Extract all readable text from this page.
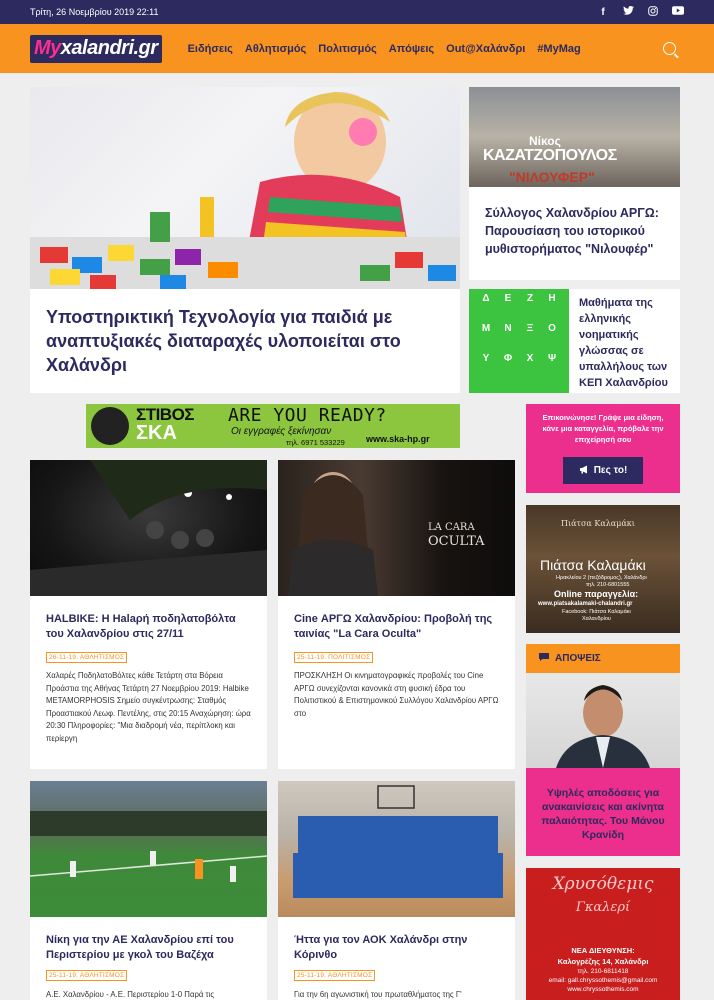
Τρίτη, 26 Νοεμβρίου 2019 22:11	f
My xalandri.gr	Ειδήσεις Αθλητισμός Πολιτισμός Απόψεις Out@Χαλάνδρι #MyMag
Υποστηρικτική Τεχνολογία για παιδιά με αναπτυξιακές διαταραχές υλοποιείται στο Χαλάνδρι
Νίκος
ΚΑΖΑΤΖΟΠΟΥΛΟΣ
"ΝΙΛΟΥΦΕΡ"
Σύλλογος Χαλανδρίου ΑΡΓΩ: Παρουσίαση του ιστορικού μυθιστορήματος "Νιλουφέρ"
Δ	Ε	Ζ	Η
Μ	Ν	Ξ	Ο
Υ	Φ	Χ	Ψ
Μαθήματα της ελληνικής νοηματικής γλώσσας σε υπαλλήλους των ΚΕΠ Χαλανδρίου
ΣΤΙΒΟΣ
ΣΚΑ
ARE YOU READY?
Οι εγγραφές ξεκίνησαν
τηλ. 6971 533229 www.ska-hp.gr
HALBIKE: Η Halaρή ποδηλατοβόλτα του Χαλανδρίου στις 27/11
26-11-19. ΑΘΛΗΤΙΣΜΟΣ
Χαλαρές ΠοδηλατοΒόλτες κάθε Τετάρτη στα Βόρεια Προάστια της Αθήνας Τετάρτη 27 Νοεμβρίου 2019: Halbike METAMORPHOSIS Σημείο συγκέντρωσης: Σταθμός Προαστιακού Λεωφ. Πεντέλης, στις 20:15 Αναχώρηση: ώρα 20:30 Πληροφορίες: "Μια διαδρομή νέα, περίπλοκη και περίεργη
LA CARA
OCULTA
Cine ΑΡΓΩ Χαλανδρίου: Προβολή της ταινίας "La Cara Oculta"
25-11-19. ΠΟΛΙΤΙΣΜΟΣ
ΠΡΟΣΚΛΗΣΗ Οι κινηματογραφικές προβολές του Cine ΑΡΓΩ συνεχίζονται κανονικά στη φυσική έδρα του Πολιτιστικού & Επιστημονικού Συλλόγου Χαλανδρίου ΑΡΓΩ στο
Νίκη για την ΑΕ Χαλανδρίου επί του Περιστερίου με γκολ του Βαζέχα
25-11-19. ΑΘΛΗΤΙΣΜΟΣ
Α.Ε. Χαλανδρίου - Α.Ε. Περιστερίου 1-0 Παρά τις
Ήττα για τον ΑΟΚ Χαλάνδρι στην Κόρινθο
25-11-19. ΑΘΛΗΤΙΣΜΟΣ
Για την 6η αγωνιστική του πρωταθλήματος της Γ'
Επικοινώνησε! Γράψε μια είδηση, κάνε μια καταγγελία, πρόβαλε την επιχείρησή σου
Πες το!
Πιάτσα Καλαμάκι
Πιάτσα Καλαμάκι
Ηρακλείου 2 (πεζόδρομος), Χαλάνδρι
τηλ. 210-6801555
Online παραγγελία:
www.piatsakalamaki-chalandri.gr
Facebook: Πιάτσα Καλαμάκι
Χαλανδρίου
ΑΠΟΨΕΙΣ
Υψηλές αποδόσεις για ανακαινίσεις και ακίνητα παλαιότητας. Του Μάνου Κρανίδη
Χρυσόθεμις
Γκαλερί
ΝΕΑ ΔΙΕΥΘΥΝΣΗ:
Καλογρέζης 14, Χαλάνδρι
τηλ. 210-6811418
email: gall.chryssothemis@gmail.com
www.chryssothemis.com
